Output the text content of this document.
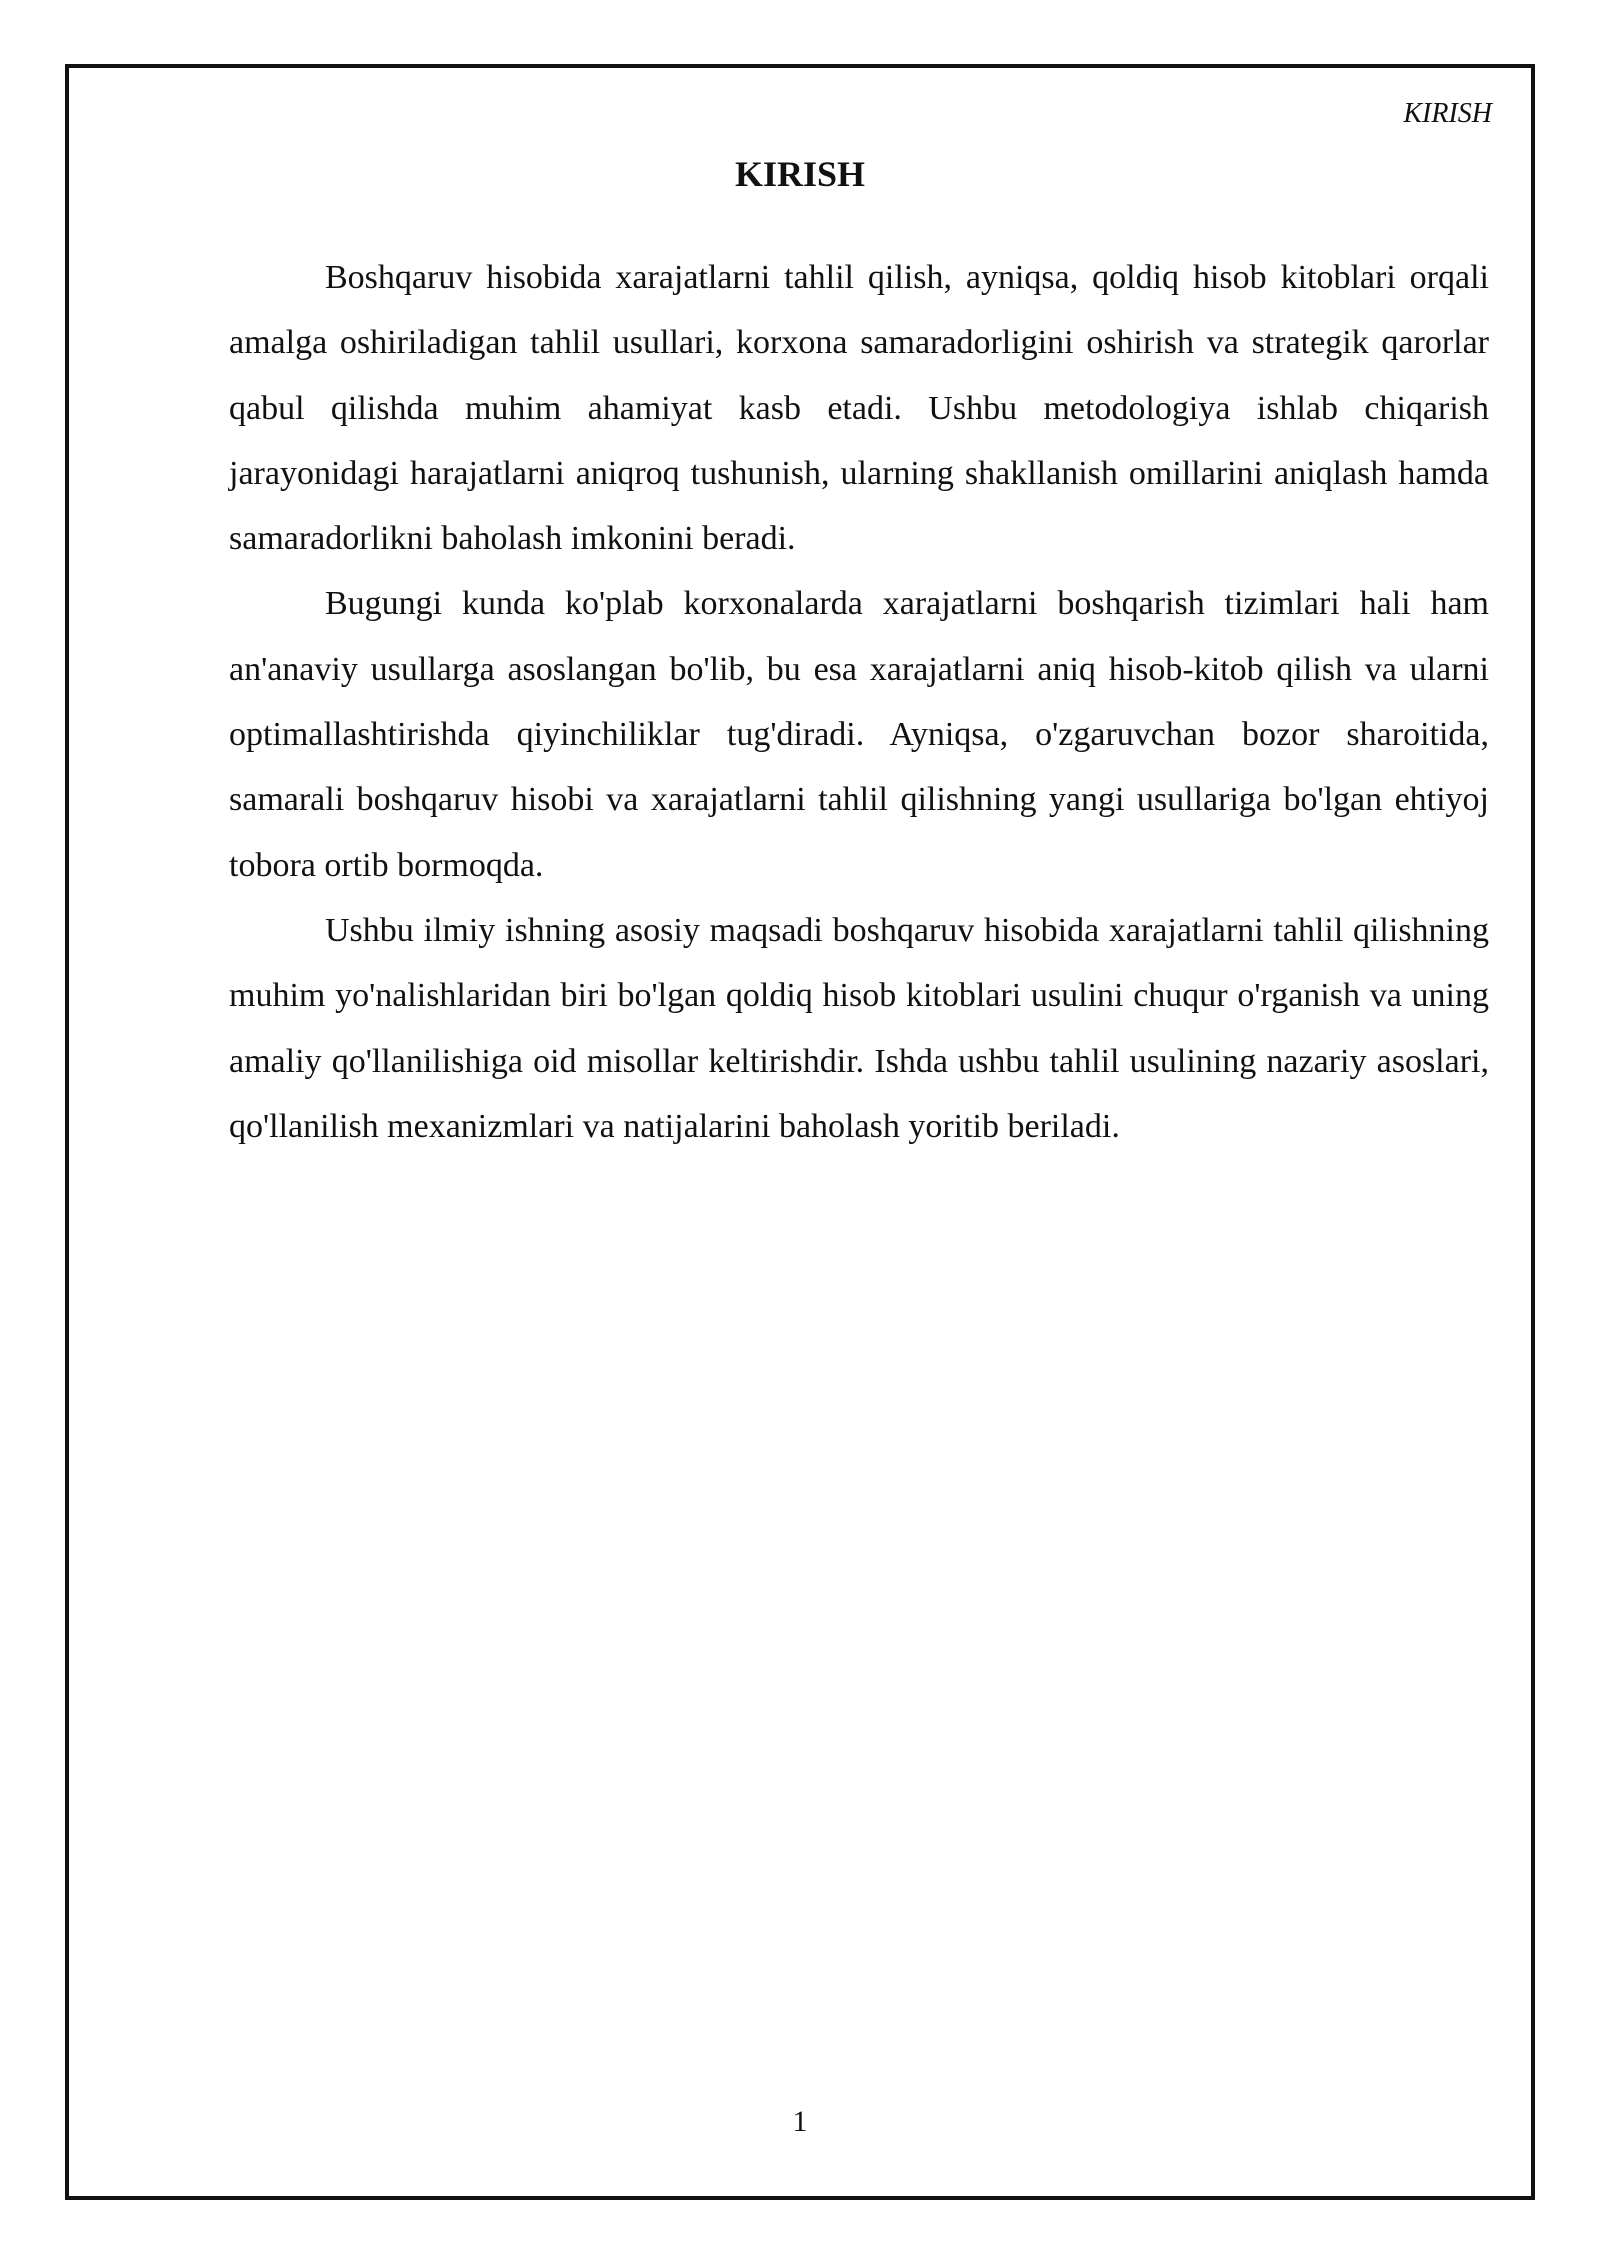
KIRISH
KIRISH

Boshqaruv hisobida xarajatlarni tahlil qilish, ayniqsa, qoldiq hisob kitoblari orqali amalga oshiriladigan tahlil usullari, korxona samaradorligini oshirish va strategik qarorlar qabul qilishda muhim ahamiyat kasb etadi. Ushbu metodologiya ishlab chiqarish jarayonidagi harajatlarni aniqroq tushunish, ularning shakllanish omillarini aniqlash hamda samaradorlikni baholash imkonini beradi.

Bugungi kunda ko'plab korxonalarda xarajatlarni boshqarish tizimlari hali ham an'anaviy usullarga asoslangan bo'lib, bu esa xarajatlarni aniq hisob-kitob qilish va ularni optimallashtirishda qiyinchiliklar tug'diradi. Ayniqsa, o'zgaruvchan bozor sharoitida, samarali boshqaruv hisobi va xarajatlarni tahlil qilishning yangi usullariga bo'lgan ehtiyoj tobora ortib bormoqda.

Ushbu ilmiy ishning asosiy maqsadi boshqaruv hisobida xarajatlarni tahlil qilishning muhim yo'nalishlaridan biri bo'lgan qoldiq hisob kitoblari usulini chuqur o'rganish va uning amaliy qo'llanilishiga oid misollar keltirishdir. Ishda ushbu tahlil usulining nazariy asoslari, qo'llanilish mexanizmlari va natijalarini baholash yoritib beriladi.

1
